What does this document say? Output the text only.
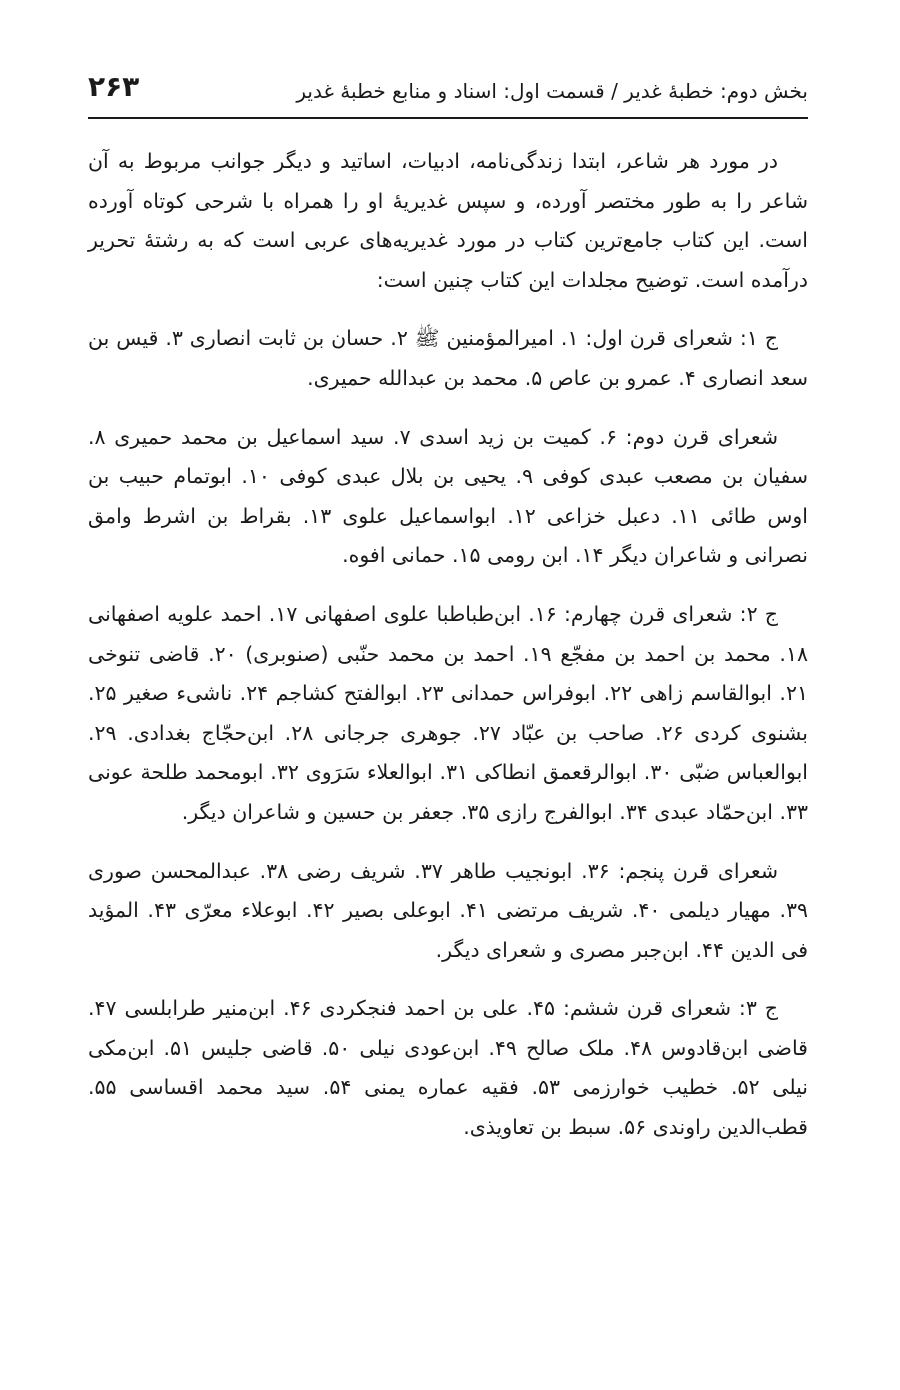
بخش دوم: خطبهٔ غدیر / قسمت اول: اسناد و منابع خطبهٔ غدیر
۲۶۳

در مورد هر شاعر، ابتدا زندگی‌نامه، ادبیات، اساتید و دیگر جوانب مربوط به آن شاعر را به طور مختصر آورده، و سپس غدیریهٔ او را همراه با شرحی کوتاه آورده است. این کتاب جامع‌ترین کتاب در مورد غدیریه‌های عربی است که به رشتهٔ تحریر درآمده است. توضیح مجلدات این کتاب چنین است:

ج ۱: شعرای قرن اول: ۱. امیرالمؤمنین ﷺ ۲. حسان بن ثابت انصاری ۳. قیس بن سعد انصاری ۴. عمرو بن عاص ۵. محمد بن عبدالله حمیری.

شعرای قرن دوم: ۶. کمیت بن زید اسدی ۷. سید اسماعیل بن محمد حمیری ۸. سفیان بن مصعب عبدی کوفی ۹. یحیی بن بلال عبدی کوفی ۱۰. ابوتمام حبیب بن اوس طائی ۱۱. دعبل خزاعی ۱۲. ابواسماعیل علوی ۱۳. بقراط بن اشرط وامق نصرانی و شاعران دیگر ۱۴. ابن رومی ۱۵. حمانی افوه.

ج ۲: شعرای قرن چهارم: ۱۶. ابن‌طباطبا علوی اصفهانی ۱۷. احمد علویه اصفهانی ۱۸. محمد بن احمد بن مفجّع ۱۹. احمد بن محمد حنّبی (صنوبری) ۲۰. قاضی تنوخی ۲۱. ابوالقاسم زاهی ۲۲. ابوفراس حمدانی ۲۳. ابوالفتح کشاجم ۲۴. ناشیء صغیر ۲۵. بشنوی کردی ۲۶. صاحب بن عبّاد ۲۷. جوهری جرجانی ۲۸. ابن‌حجّاج بغدادی. ۲۹. ابوالعباس ضبّی ۳۰. ابوالرقعمق انطاکی ۳۱. ابوالعلاء سَرَوی ۳۲. ابومحمد طلحة عونی ۳۳. ابن‌حمّاد عبدی ۳۴. ابوالفرج رازی ۳۵. جعفر بن حسین و شاعران دیگر.

شعرای قرن پنجم: ۳۶. ابونجیب طاهر ۳۷. شریف رضی ۳۸. عبدالمحسن صوری ۳۹. مهیار دیلمی ۴۰. شریف مرتضی ۴۱. ابوعلی بصیر ۴۲. ابوعلاء معرّی ۴۳. المؤید فی الدین ۴۴. ابن‌جبر مصری و شعرای دیگر.

ج ۳: شعرای قرن ششم: ۴۵. علی بن احمد فنجکردی ۴۶. ابن‌منیر طرابلسی ۴۷. قاضی ابن‌قادوس ۴۸. ملک صالح ۴۹. ابن‌عودی نیلی ۵۰. قاضی جلیس ۵۱. ابن‌مکی نیلی ۵۲. خطیب خوارزمی ۵۳. فقیه عماره یمنی ۵۴. سید محمد اقساسی ۵۵. قطب‌الدین راوندی ۵۶. سبط بن تعاویذی.
